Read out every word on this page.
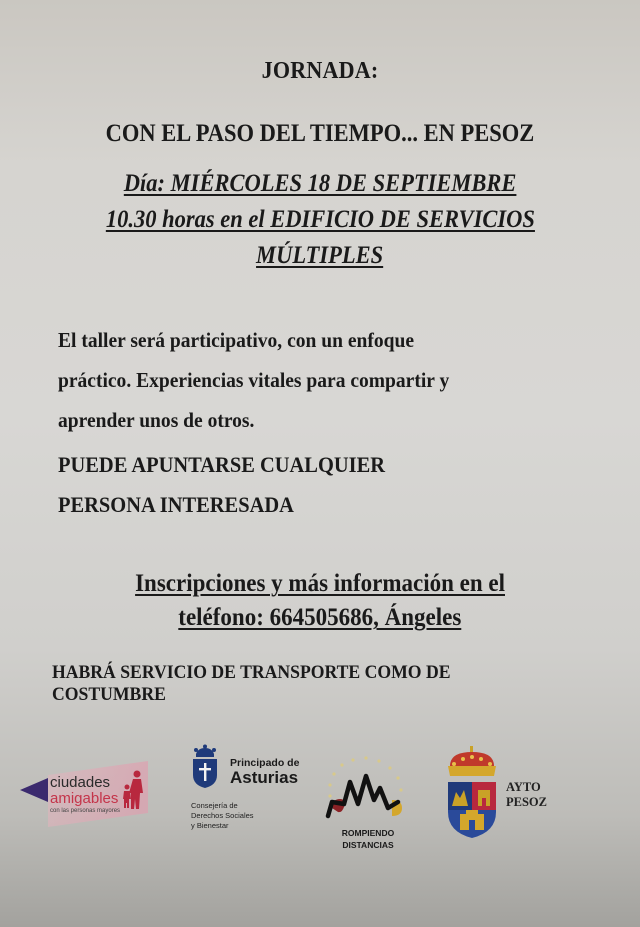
JORNADA:
CON EL PASO DEL TIEMPO... EN PESOZ
Día: MIÉRCOLES 18 DE SEPTIEMBRE
10.30 horas en el EDIFICIO DE SERVICIOS
MÚLTIPLES
El taller será participativo, con un enfoque
práctico. Experiencias vitales para compartir y
aprender unos de otros.
PUEDE APUNTARSE CUALQUIER
PERSONA INTERESADA
Inscripciones y más información en el
teléfono: 664505686, Ángeles
HABRÁ SERVICIO DE TRANSPORTE COMO DE
COSTUMBRE
ciudades
amigables
con las personas mayores
Principado de
Asturias
Consejería de
Derechos Sociales
y Bienestar
ROMPIENDO
DISTANCIAS
AYTO
PESOZ
